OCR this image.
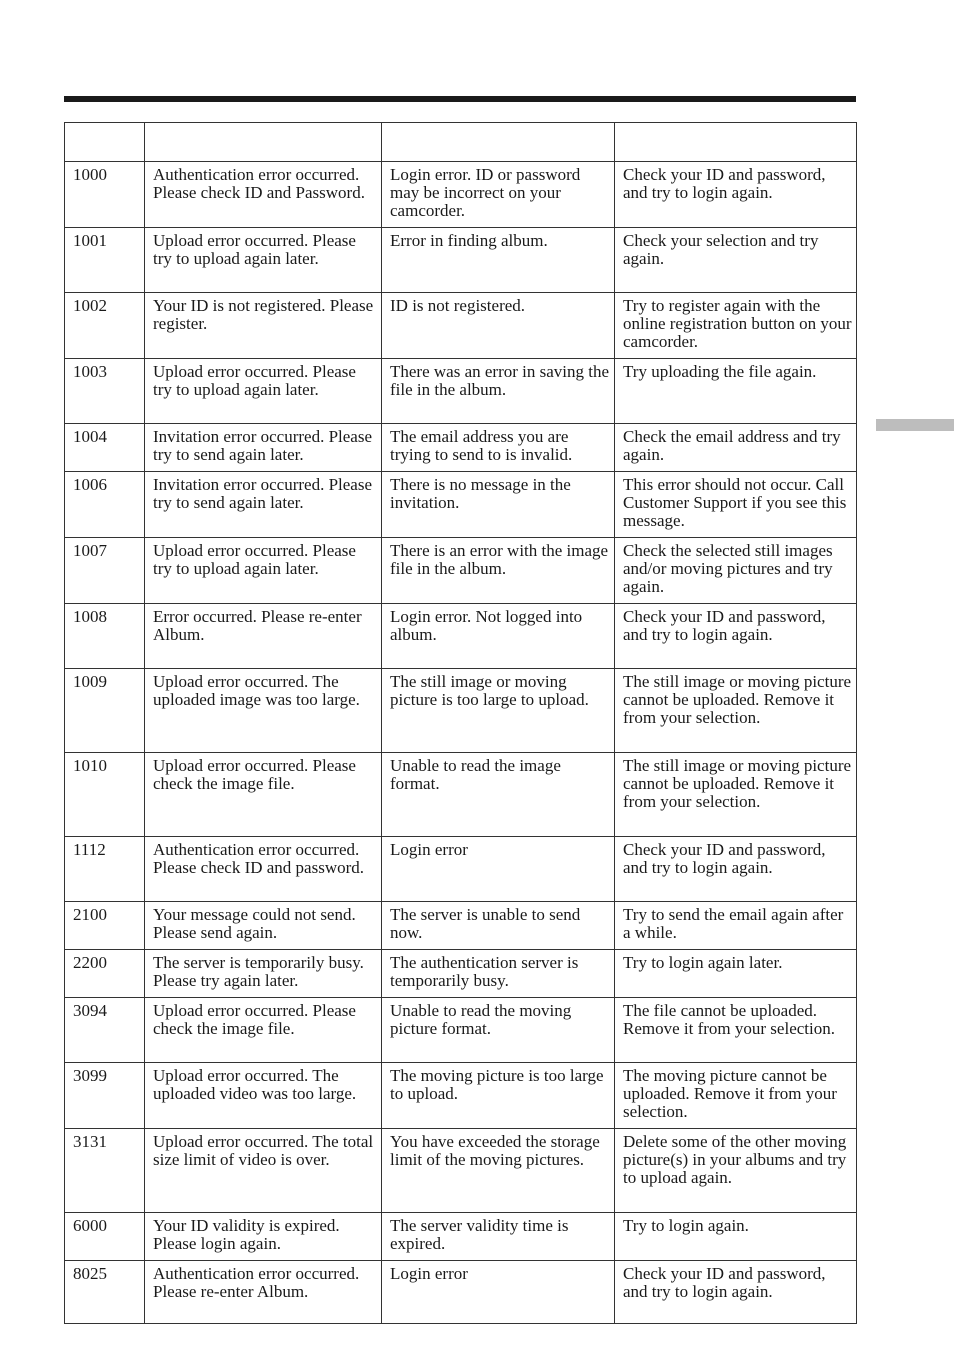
1000	Authentication error occurred. Please check ID and Password.	Login error. ID or password may be incorrect on your camcorder.	Check your ID and password, and try to login again.
1001	Upload error occurred. Please try to upload again later.	Error in finding album.	Check your selection and try again.
1002	Your ID is not registered. Please register.	ID is not registered.	Try to register again with the online registration button on your camcorder.
1003	Upload error occurred. Please try to upload again later.	There was an error in saving the file in the album.	Try uploading the file again.
1004	Invitation error occurred. Please try to send again later.	The email address you are trying to send to is invalid.	Check the email address and try again.
1006	Invitation error occurred. Please try to send again later.	There is no message in the invitation.	This error should not occur. Call Customer Support if you see this message.
1007	Upload error occurred. Please try to upload again later.	There is an error with the image file in the album.	Check the selected still images and/or moving pictures and try again.
1008	Error occurred. Please re-enter Album.	Login error. Not logged into album.	Check your ID and password, and try to login again.
1009	Upload error occurred. The uploaded image was too large.	The still image or moving picture is too large to upload.	The still image or moving picture cannot be uploaded. Remove it from your selection.
1010	Upload error occurred. Please check the image file.	Unable to read the image format.	The still image or moving picture cannot be uploaded. Remove it from your selection.
1112	Authentication error occurred. Please check ID and password.	Login error	Check your ID and password, and try to login again.
2100	Your message could not send. Please send again.	The server is unable to send now.	Try to send the email again after a while.
2200	The server is temporarily busy. Please try again later.	The authentication server is temporarily busy.	Try to login again later.
3094	Upload error occurred. Please check the image file.	Unable to read the moving picture format.	The file cannot be uploaded. Remove it from your selection.
3099	Upload error occurred. The uploaded video was too large.	The moving picture is too large to upload.	The moving picture cannot be uploaded. Remove it from your selection.
3131	Upload error occurred. The total size limit of video is over.	You have exceeded the storage limit of the moving pictures.	Delete some of the other moving picture(s) in your albums and try to upload again.
6000	Your ID validity is expired. Please login again.	The server validity time is expired.	Try to login again.
8025	Authentication error occurred. Please re-enter Album.	Login error	Check your ID and password, and try to login again.
